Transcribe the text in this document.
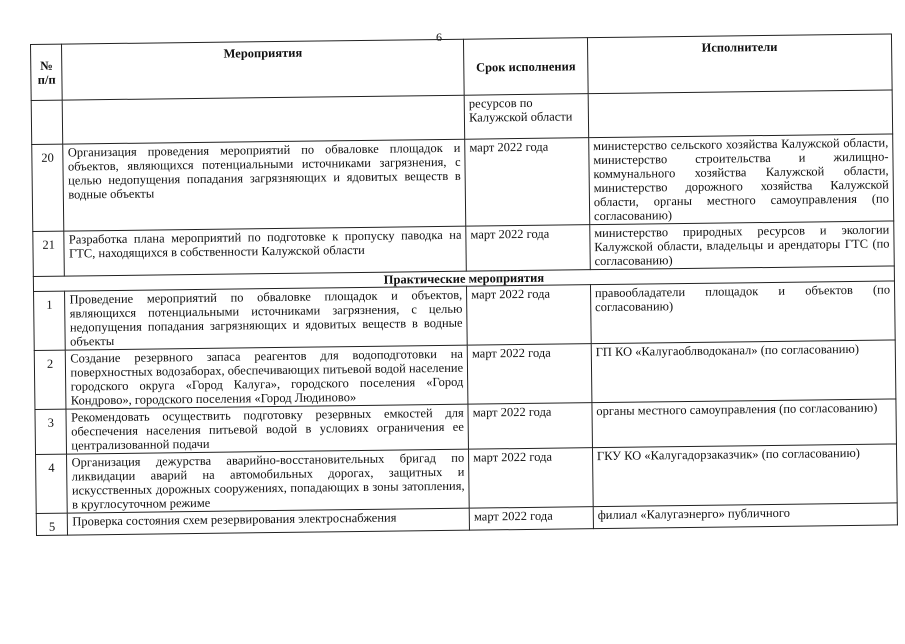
6
№ п/п	Мероприятия	Срок исполнения	Исполнители
		ресурсов по Калужской области	
20	Организация проведения мероприятий по обваловке площадок и объектов, являющихся потенциальными источниками загрязнения, с целью недопущения попадания загрязняющих и ядовитых веществ в водные объекты	март 2022 года	министерство сельского хозяйства Калужской области, министерство строительства и жилищно-коммунального хозяйства Калужской области, министерство дорожного хозяйства Калужской области, органы местного самоуправления (по согласованию)
21	Разработка плана мероприятий по подготовке к пропуску паводка на ГТС, находящихся в собственности Калужской области	март 2022 года	министерство природных ресурсов и экологии Калужской области, владельцы и арендаторы ГТС (по согласованию)
Практические мероприятия			
1	Проведение мероприятий по обваловке площадок и объектов, являющихся потенциальными источниками загрязнения, с целью недопущения попадания загрязняющих и ядовитых веществ в водные объекты	март 2022 года	правообладатели площадок и объектов (по согласованию)
2	Создание резервного запаса реагентов для водоподготовки на поверхностных водозаборах, обеспечивающих питьевой водой население городского округа «Город Калуга», городского поселения «Город Кондрово», городского поселения «Город Людиново»	март 2022 года	ГП КО «Калугаоблводоканал» (по согласованию)
3	Рекомендовать осуществить подготовку резервных емкостей для обеспечения населения питьевой водой в условиях ограничения ее централизованной подачи	март 2022 года	органы местного самоуправления (по согласованию)
4	Организация дежурства аварийно-восстановительных бригад по ликвидации аварий на автомобильных дорогах, защитных и искусственных дорожных сооружениях, попадающих в зоны затопления, в круглосуточном режиме	март 2022 года	ГКУ КО «Калугадорзаказчик» (по согласованию)
5	Проверка состояния схем резервирования электроснабжения	март 2022 года	филиал «Калугаэнерго» публичного
